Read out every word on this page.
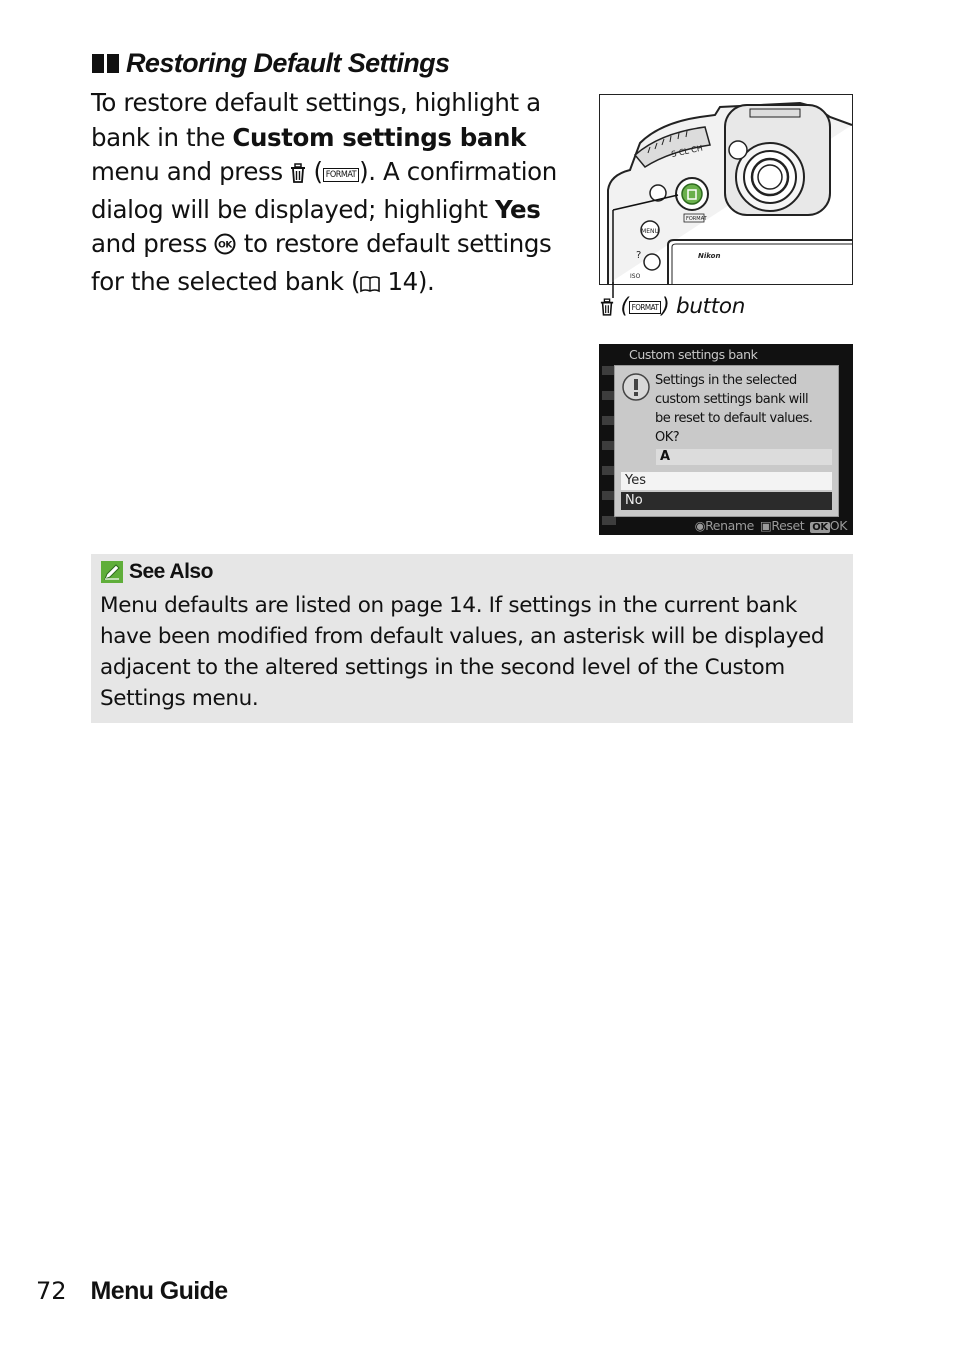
Restoring Default Settings
To restore default settings, highlight a bank in the Custom settings bank menu and press  ( FORMAT ). A confirmation dialog will be displayed; highlight Yes and press OK to restore default settings for the selected bank ( 14).
S CL CH
FORMAT
MENU
?
ISO
Nikon
( FORMAT ) button
Custom settings bank
Settings in the selected
custom settings bank will
be reset to default values.
OK?
A
Yes
No
◉Rename ▣Reset OK OK
See Also
Menu defaults are listed on page 14. If settings in the current bank have been modified from default values, an asterisk will be displayed adjacent to the altered settings in the second level of the Custom Settings menu.
72 Menu Guide
